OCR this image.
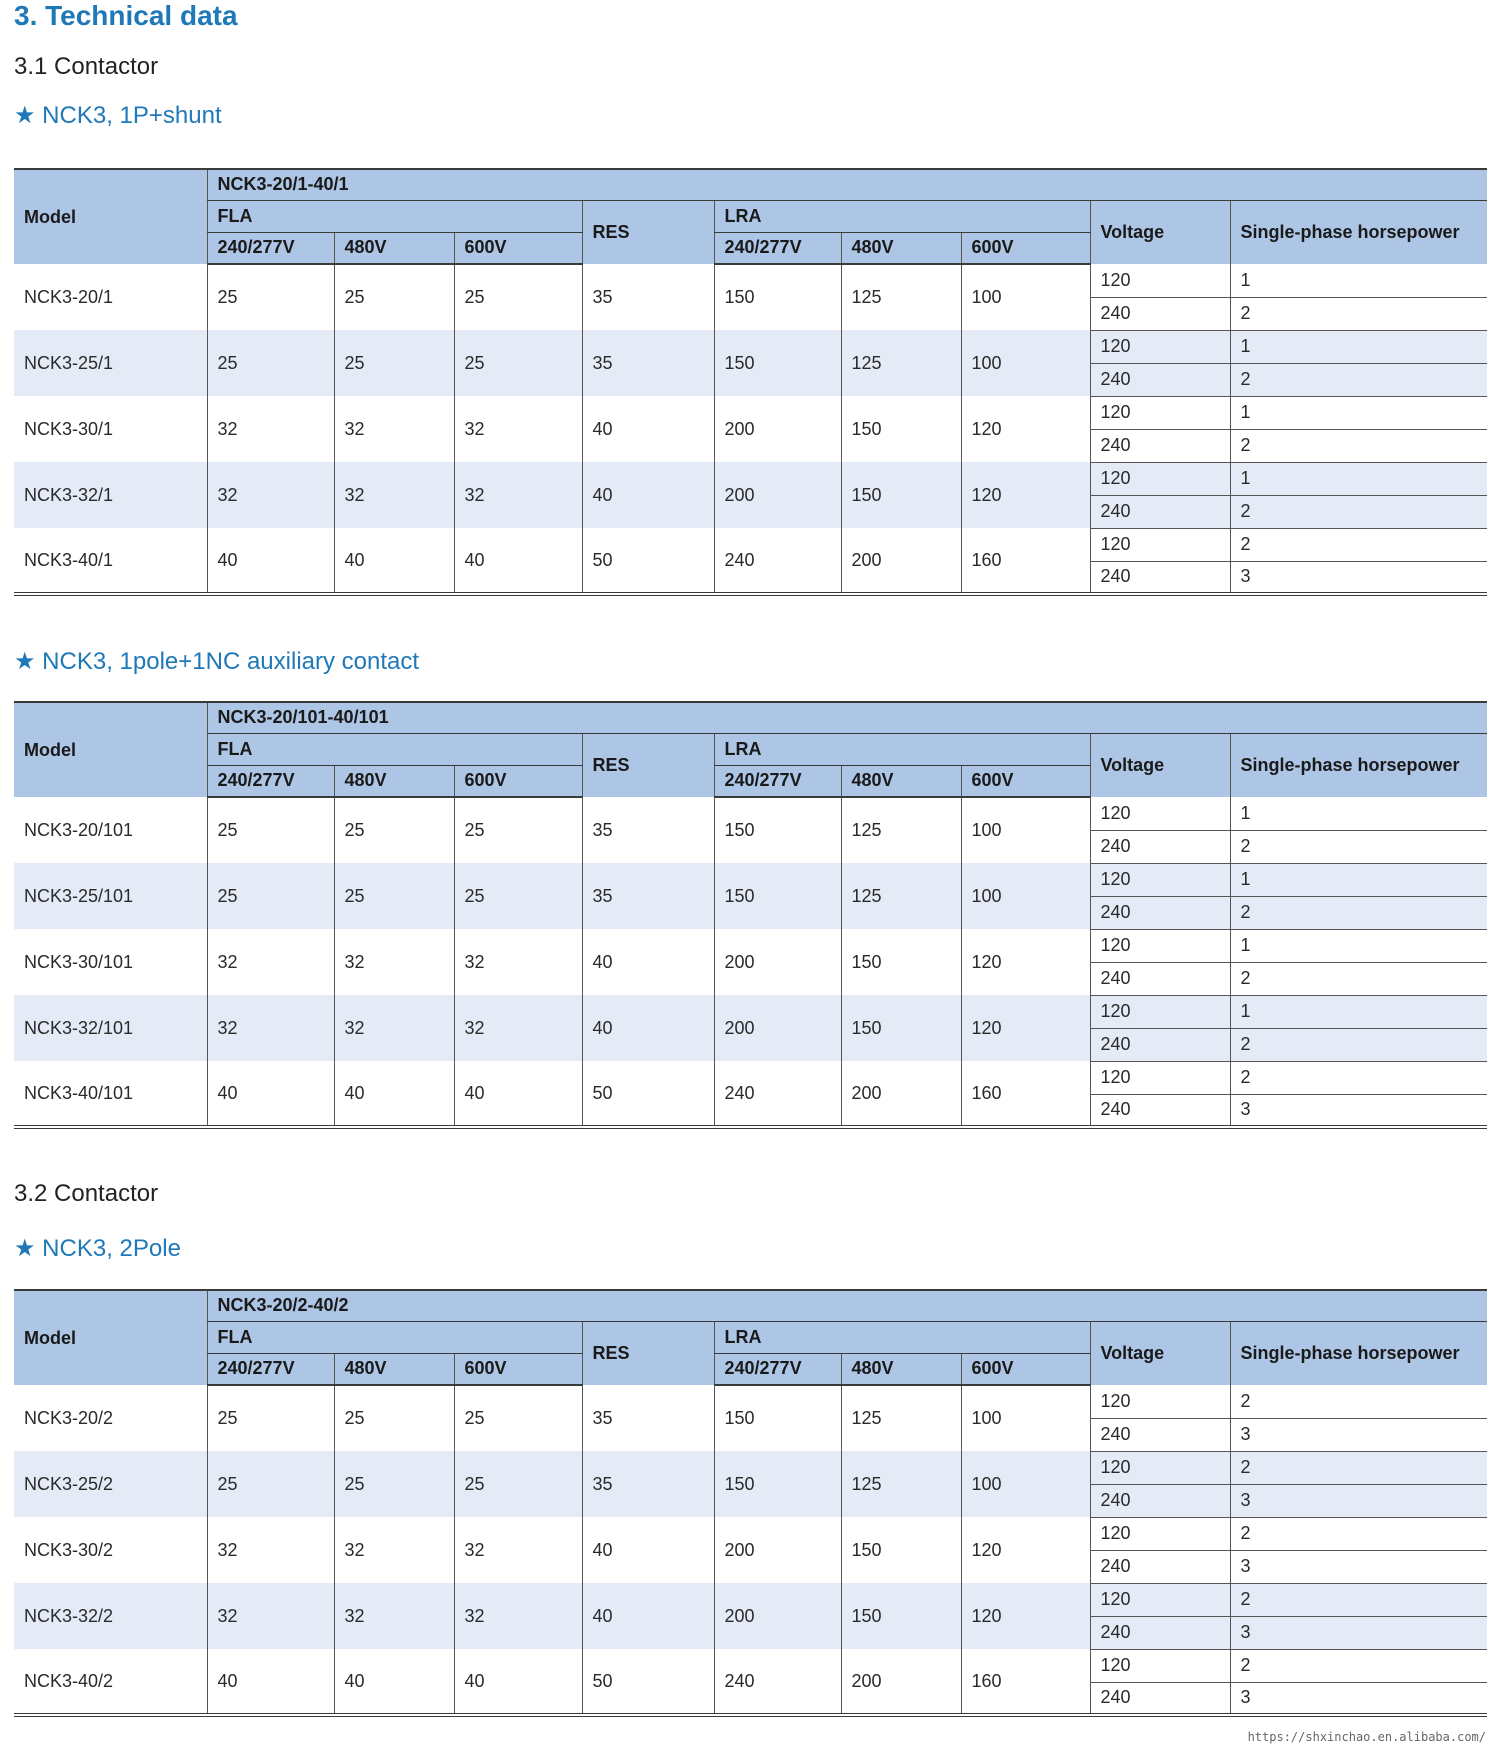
3. Technical data
3.1 Contactor
★ NCK3, 1P+shunt
Model	NCK3-20/1-40/1								
	FLA			RES	LRA			Voltage	Single-phase horsepower
	240/277V	480V	600V		240/277V	480V	600V		
NCK3-20/1	25	25	25	35	150	125	100	120	1
								240	2
NCK3-25/1	25	25	25	35	150	125	100	120	1
								240	2
NCK3-30/1	32	32	32	40	200	150	120	120	1
								240	2
NCK3-32/1	32	32	32	40	200	150	120	120	1
								240	2
NCK3-40/1	40	40	40	50	240	200	160	120	2
								240	3
★ NCK3, 1pole+1NC auxiliary contact
Model	NCK3-20/101-40/101								
	FLA			RES	LRA			Voltage	Single-phase horsepower
	240/277V	480V	600V		240/277V	480V	600V		
NCK3-20/101	25	25	25	35	150	125	100	120	1
								240	2
NCK3-25/101	25	25	25	35	150	125	100	120	1
								240	2
NCK3-30/101	32	32	32	40	200	150	120	120	1
								240	2
NCK3-32/101	32	32	32	40	200	150	120	120	1
								240	2
NCK3-40/101	40	40	40	50	240	200	160	120	2
								240	3
3.2 Contactor
★ NCK3, 2Pole
Model	NCK3-20/2-40/2								
	FLA			RES	LRA			Voltage	Single-phase horsepower
	240/277V	480V	600V		240/277V	480V	600V		
NCK3-20/2	25	25	25	35	150	125	100	120	2
								240	3
NCK3-25/2	25	25	25	35	150	125	100	120	2
								240	3
NCK3-30/2	32	32	32	40	200	150	120	120	2
								240	3
NCK3-32/2	32	32	32	40	200	150	120	120	2
								240	3
NCK3-40/2	40	40	40	50	240	200	160	120	2
								240	3
https://shxinchao.en.alibaba.com/
